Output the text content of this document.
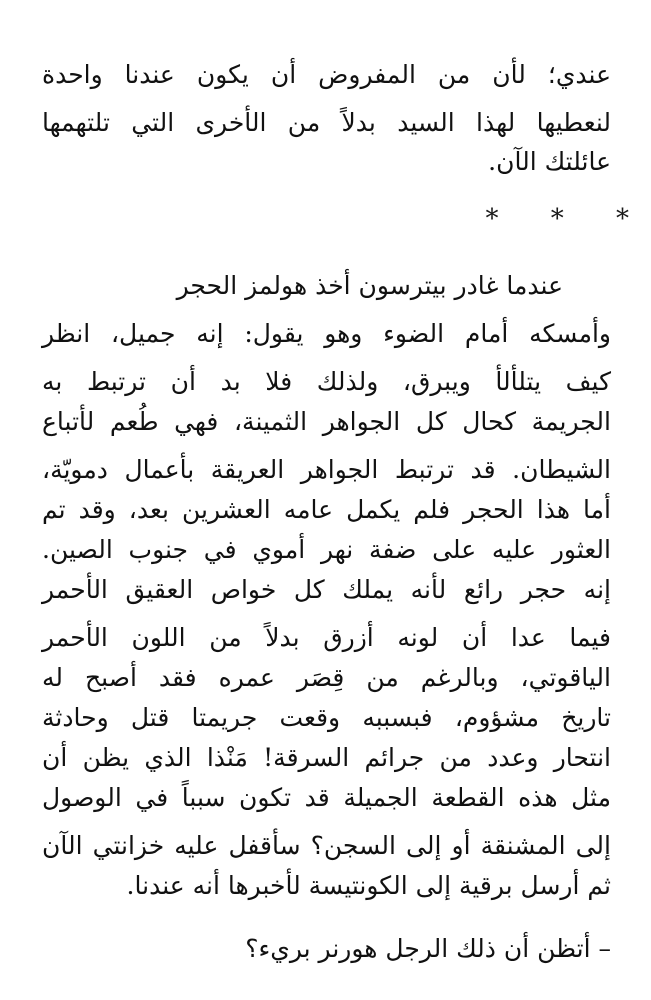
عندي؛ لأن من المفروض أن يكون عندنا واحدة
لنعطيها لهذا السيد بدلاً من الأخرى التي تلتهمها
عائلتك الآن.
* * *
عندما غادر بيترسون أخذ هولمز الحجر
وأمسكه أمام الضوء وهو يقول: إنه جميل، انظر
كيف يتلألأ ويبرق، ولذلك فلا بد أن ترتبط به
الجريمة كحال كل الجواهر الثمينة، فهي طُعم لأتباع
الشيطان. قد ترتبط الجواهر العريقة بأعمال دمويّة،
أما هذا الحجر فلم يكمل عامه العشرين بعد، وقد تم
العثور عليه على ضفة نهر أموي في جنوب الصين.
إنه حجر رائع لأنه يملك كل خواص العقيق الأحمر
فيما عدا أن لونه أزرق بدلاً من اللون الأحمر
الياقوتي، وبالرغم من قِصَر عمره فقد أصبح له
تاريخ مشؤوم، فبسببه وقعت جريمتا قتل وحادثة
انتحار وعدد من جرائم السرقة! مَنْذا الذي يظن أن
مثل هذه القطعة الجميلة قد تكون سبباً في الوصول
إلى المشنقة أو إلى السجن؟ سأقفل عليه خزانتي الآن
ثم أرسل برقية إلى الكونتيسة لأخبرها أنه عندنا.
– أتظن أن ذلك الرجل هورنر بريء؟
